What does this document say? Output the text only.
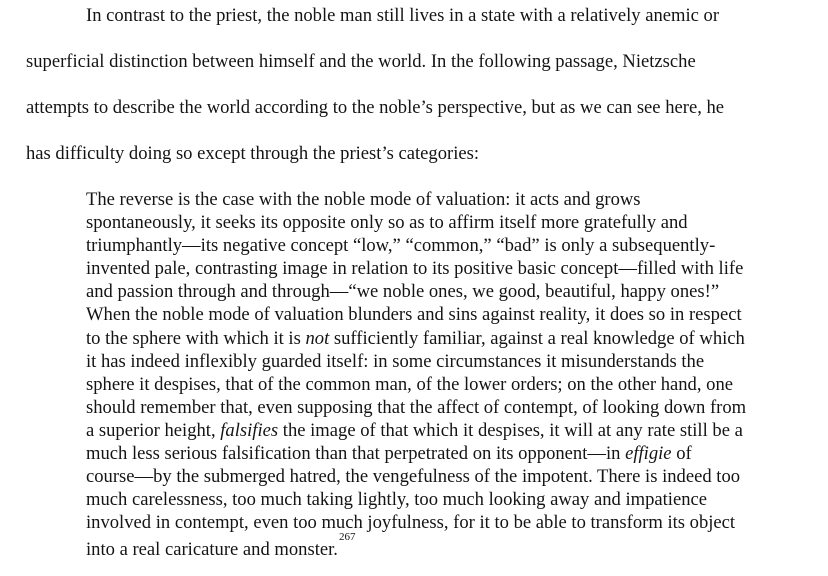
In contrast to the priest, the noble man still lives in a state with a relatively anemic or
superficial distinction between himself and the world. In the following passage, Nietzsche
attempts to describe the world according to the noble’s perspective, but as we can see here, he
has difficulty doing so except through the priest’s categories:
The reverse is the case with the noble mode of valuation: it acts and grows
spontaneously, it seeks its opposite only so as to affirm itself more gratefully and
triumphantly—its negative concept “low,” “common,” “bad” is only a subsequently-
invented pale, contrasting image in relation to its positive basic concept—filled with life
and passion through and through—“we noble ones, we good, beautiful, happy ones!”
When the noble mode of valuation blunders and sins against reality, it does so in respect
to the sphere with which it is not sufficiently familiar, against a real knowledge of which
it has indeed inflexibly guarded itself: in some circumstances it misunderstands the
sphere it despises, that of the common man, of the lower orders; on the other hand, one
should remember that, even supposing that the affect of contempt, of looking down from
a superior height, falsifies the image of that which it despises, it will at any rate still be a
much less serious falsification than that perpetrated on its opponent—in effigie of
course—by the submerged hatred, the vengefulness of the impotent. There is indeed too
much carelessness, too much taking lightly, too much looking away and impatience
involved in contempt, even too much joyfulness, for it to be able to transform its object
into a real caricature and monster.$^{267}$
